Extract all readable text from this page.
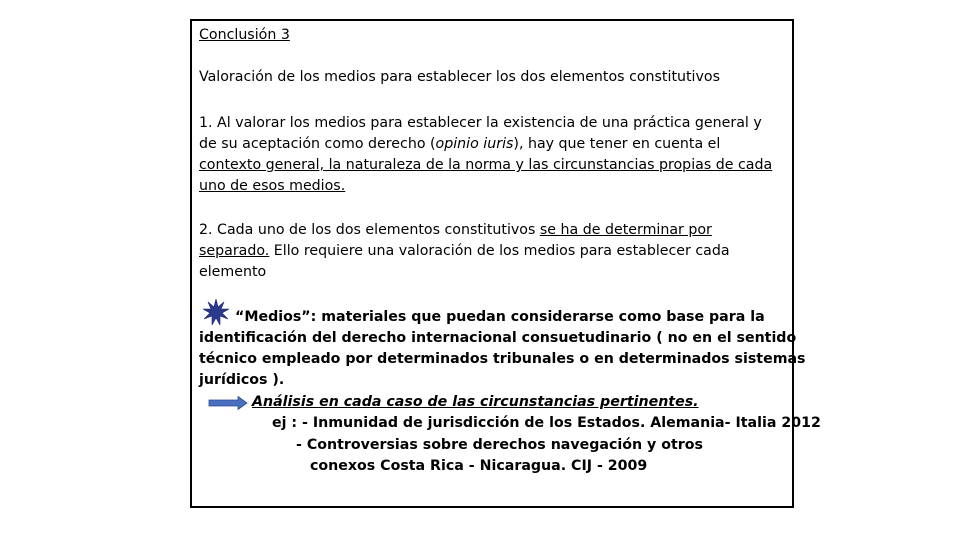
Conclusión 3
Valoración de los medios para establecer los dos elementos constitutivos
1. Al valorar los medios para establecer la existencia de una práctica general y
de su aceptación como derecho (opinio iuris), hay que tener en cuenta el
contexto general, la naturaleza de la norma y las circunstancias propias de cada
uno de esos medios.
2. Cada uno de los dos elementos constitutivos se ha de determinar por
separado. Ello requiere una valoración de los medios para establecer cada
elemento
“Medios”: materiales que puedan considerarse como base para la
identificación del derecho internacional consuetudinario ( no en el sentido
técnico empleado por determinados tribunales o en determinados sistemas
jurídicos ).
Análisis en cada caso de las circunstancias pertinentes.
ej : - Inmunidad de jurisdicción de los Estados. Alemania- Italia 2012
- Controversias sobre derechos navegación y otros
conexos Costa Rica - Nicaragua. CIJ - 2009
